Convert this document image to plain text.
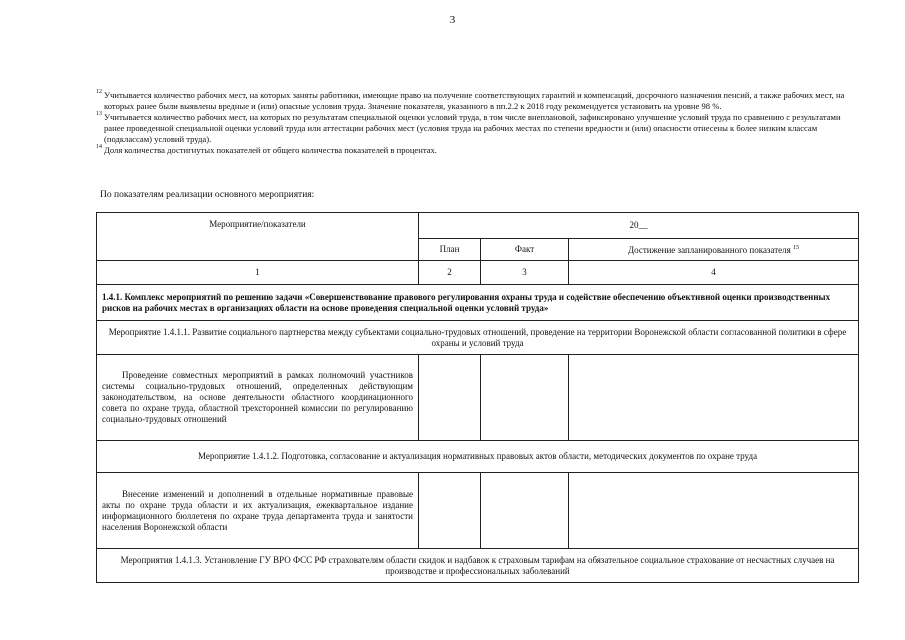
3
12 Учитывается количество рабочих мест, на которых заняты работники, имеющие право на получение соответствующих гарантий и компенсаций, досрочного назначения пенсий, а также рабочих мест, на которых ранее были выявлены вредные и (или) опасные условия труда. Значение показателя, указанного в пп.2.2 к 2018 году рекомендуется установить на уровне 98 %.
13 Учитывается количество рабочих мест, на которых по результатам специальной оценки условий труда, в том числе внеплановой, зафиксировано улучшение условий труда по сравнению с результатами ранее проведенной специальной оценки условий труда или аттестации рабочих мест (условия труда на рабочих местах по степени вредности и (или) опасности отнесены к более низким классам (подклассам) условий труда).
14 Доля количества достигнутых показателей от общего количества показателей в процентах.
По показателям реализации основного мероприятия:
Мероприятие/показатели	20__		
	План	Факт	Достижение запланированного показателя $^{15}$
1	2	3	4
1.4.1. Комплекс мероприятий по решению задачи «Совершенствование правового регулирования охраны труда и содействие обеспечению объективной оценки производственных рисков на рабочих местах в организациях области на основе проведения специальной оценки условий труда»			
Мероприятие 1.4.1.1. Развитие социального партнерства между субъектами социально-трудовых отношений, проведение на территории Воронежской области согласованной политики в сфере охраны и условий труда			
Проведение совместных мероприятий в рамках полномочий участников системы социально-трудовых отношений, определенных действующим законодательством, на основе деятельности областного координационного совета по охране труда, областной трехсторонней комиссии по регулированию социально-трудовых отношений			
Мероприятие 1.4.1.2. Подготовка, согласование и актуализация нормативных правовых актов области, методических документов по охране труда			
Внесение изменений и дополнений в отдельные нормативные правовые акты по охране труда области и их актуализация, ежеквартальное издание информационного бюллетеня по охране труда департамента труда и занятости населения Воронежской области			
Мероприятия 1.4.1.3. Установление ГУ ВРО ФСС РФ страхователям области скидок и надбавок к страховым тарифам на обязательное социальное страхование от несчастных случаев на производстве и профессиональных заболеваний			
